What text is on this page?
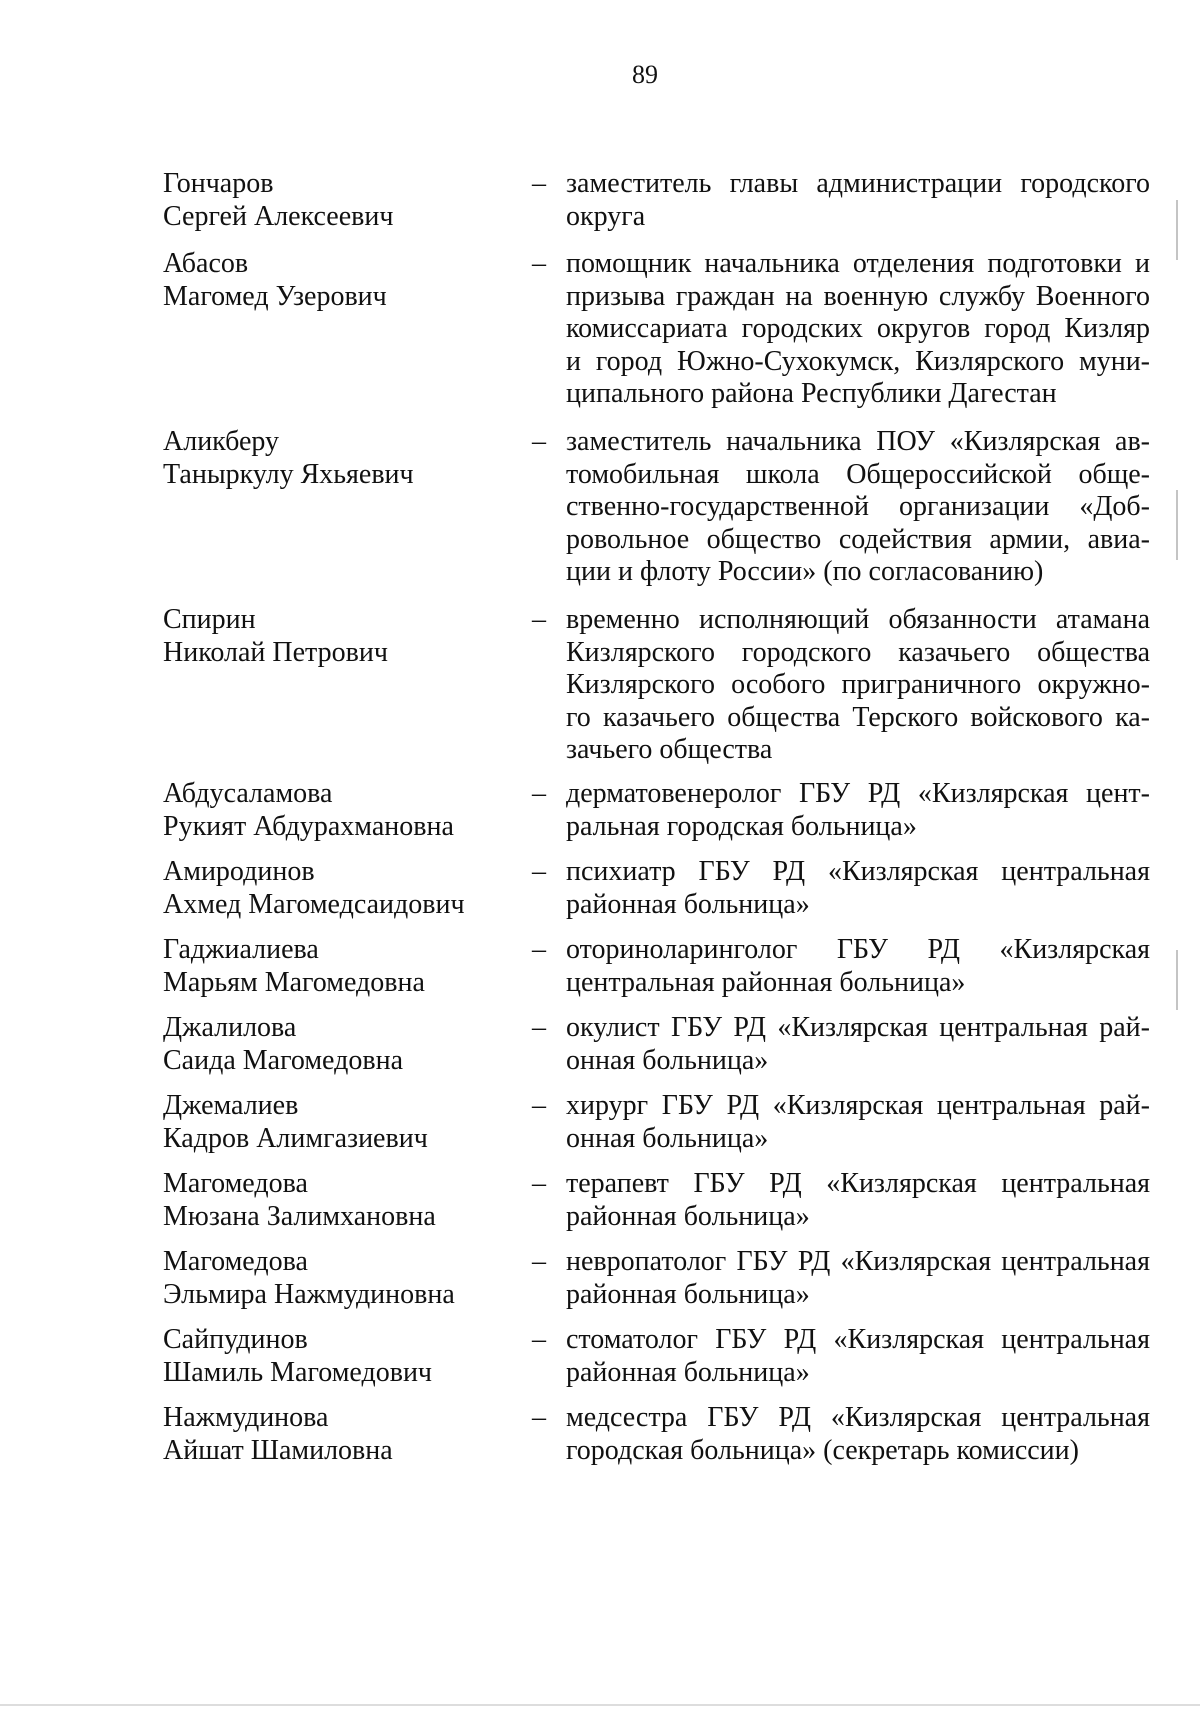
89
Гончаров
Сергей Алексеевич
– заместитель главы администрации городского
округа
Абасов
Магомед Узерович
– помощник начальника отделения подготовки и
призыва граждан на военную службу Военного
комиссариата городских округов город Кизляр
и город Южно-Сухокумск, Кизлярского муни-
ципального района Республики Дагестан
Аликберу
Таныркулу Яхьяевич
– заместитель начальника ПОУ «Кизлярская ав-
томобильная школа Общероссийской обще-
ственно-государственной организации «Доб-
ровольное общество содействия армии, авиа-
ции и флоту России» (по согласованию)
Спирин
Николай Петрович
– временно исполняющий обязанности атамана
Кизлярского городского казачьего общества
Кизлярского особого приграничного окружно-
го казачьего общества Терского войскового ка-
зачьего общества
Абдусаламова
Рукият Абдурахмановна
– дерматовенеролог ГБУ РД «Кизлярская цент-
ральная городская больница»
Амиродинов
Ахмед Магомедсаидович
– психиатр ГБУ РД «Кизлярская центральная
районная больница»
Гаджиалиева
Марьям Магомедовна
– оториноларинголог ГБУ РД «Кизлярская
центральная районная больница»
Джалилова
Саида Магомедовна
– окулист ГБУ РД «Кизлярская центральная рай-
онная больница»
Джемалиев
Кадров Алимгазиевич
– хирург ГБУ РД «Кизлярская центральная рай-
онная больница»
Магомедова
Мюзана Залимхановна
– терапевт ГБУ РД «Кизлярская центральная
районная больница»
Магомедова
Эльмира Нажмудиновна
– невропатолог ГБУ РД «Кизлярская центральная
районная больница»
Сайпудинов
Шамиль Магомедович
– стоматолог ГБУ РД «Кизлярская центральная
районная больница»
Нажмудинова
Айшат Шамиловна
– медсестра ГБУ РД «Кизлярская центральная
городская больница» (секретарь комиссии)
